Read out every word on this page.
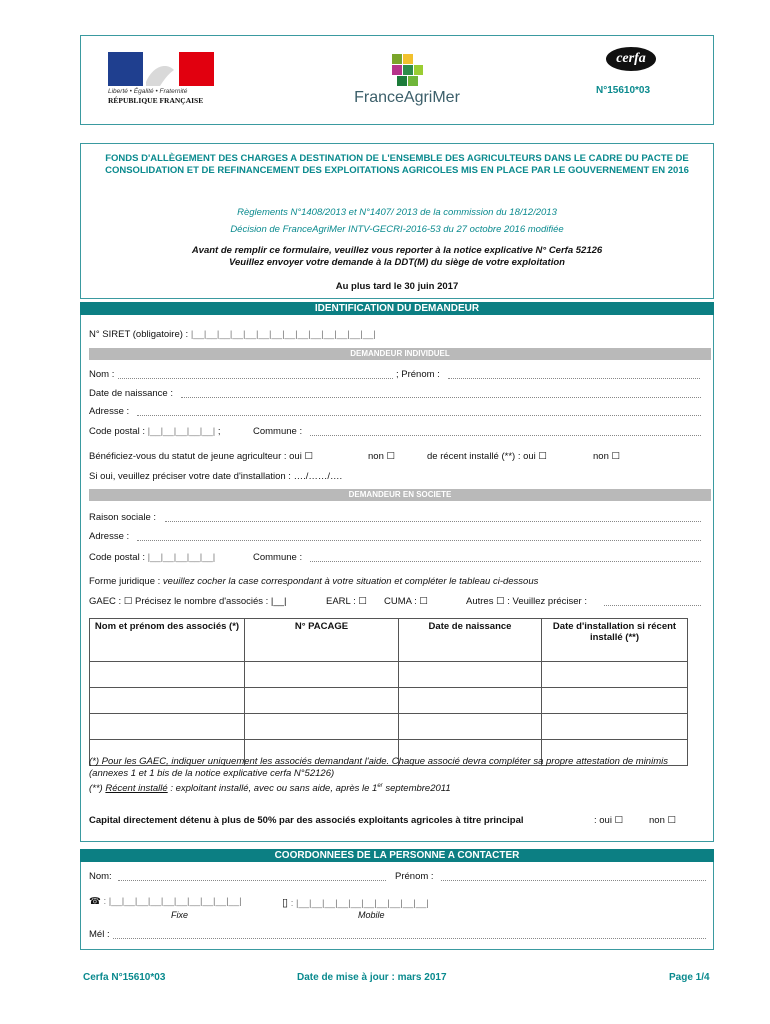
Liberté • Égalité • Fraternité
RÉPUBLIQUE FRANÇAISE	FranceAgriMer
cerfa
N°15610*03
FONDS D'ALLÈGEMENT DES CHARGES A DESTINATION DE L'ENSEMBLE DES AGRICULTEURS DANS LE CADRE DU PACTE DE CONSOLIDATION ET DE REFINANCEMENT DES EXPLOITATIONS AGRICOLES MIS EN PLACE PAR LE GOUVERNEMENT EN 2016
Règlements N°1408/2013 et N°1407/ 2013 de la commission du 18/12/2013
Décision de FranceAgriMer INTV-GECRI-2016-53 du 27 octobre 2016 modifiée
Avant de remplir ce formulaire, veuillez vous reporter à la notice explicative N° Cerfa 52126
Veuillez envoyer votre demande à la DDT(M) du siège de votre exploitation
Au plus tard le 30 juin 2017
IDENTIFICATION DU DEMANDEUR
N° SIRET (obligatoire) : |__|__|__|__|__|__|__|__|__|__|__|__|__|__|
DEMANDEUR INDIVIDUEL
Nom :	; Prénom :
Date de naissance :
Adresse :
Code postal : |__|__|__|__|__| ;	Commune :
Bénéficiez-vous du statut de jeune agriculteur : oui ☐	non ☐	de récent installé (**) : oui ☐	non ☐
Si oui, veuillez préciser votre date d'installation : …./……/….
DEMANDEUR EN SOCIETE
Raison sociale :
Adresse :
Code postal : |__|__|__|__|__|	Commune :
Forme juridique : veuillez cocher la case correspondant à votre situation et compléter le tableau ci-dessous
GAEC : ☐ Précisez le nombre d'associés : |__|	EARL : ☐ CUMA : ☐	Autres ☐ : Veuillez préciser :
Nom et prénom des associés (*)	N° PACAGE	Date de naissance	Date d'installation si récent installé (**)

(*) Pour les GAEC, indiquer uniquement les associés demandant l'aide. Chaque associé devra compléter sa propre attestation de minimis (annexes 1 et 1 bis de la notice explicative cerfa N°52126)
(**) Récent installé : exploitant installé, avec ou sans aide, après le 1er septembre2011
Capital directement détenu à plus de 50% par des associés exploitants agricoles à titre principal	: oui ☐	non ☐
COORDONNEES DE LA PERSONNE A CONTACTER
Nom:	Prénom :
☎ : |__|__|__|__|__|__|__|__|__|__|	▯ : |__|__|__|__|__|__|__|__|__|__|
Fixe	Mobile
Mél :
Cerfa N°15610*03	Date de mise à jour : mars 2017	Page 1/4
